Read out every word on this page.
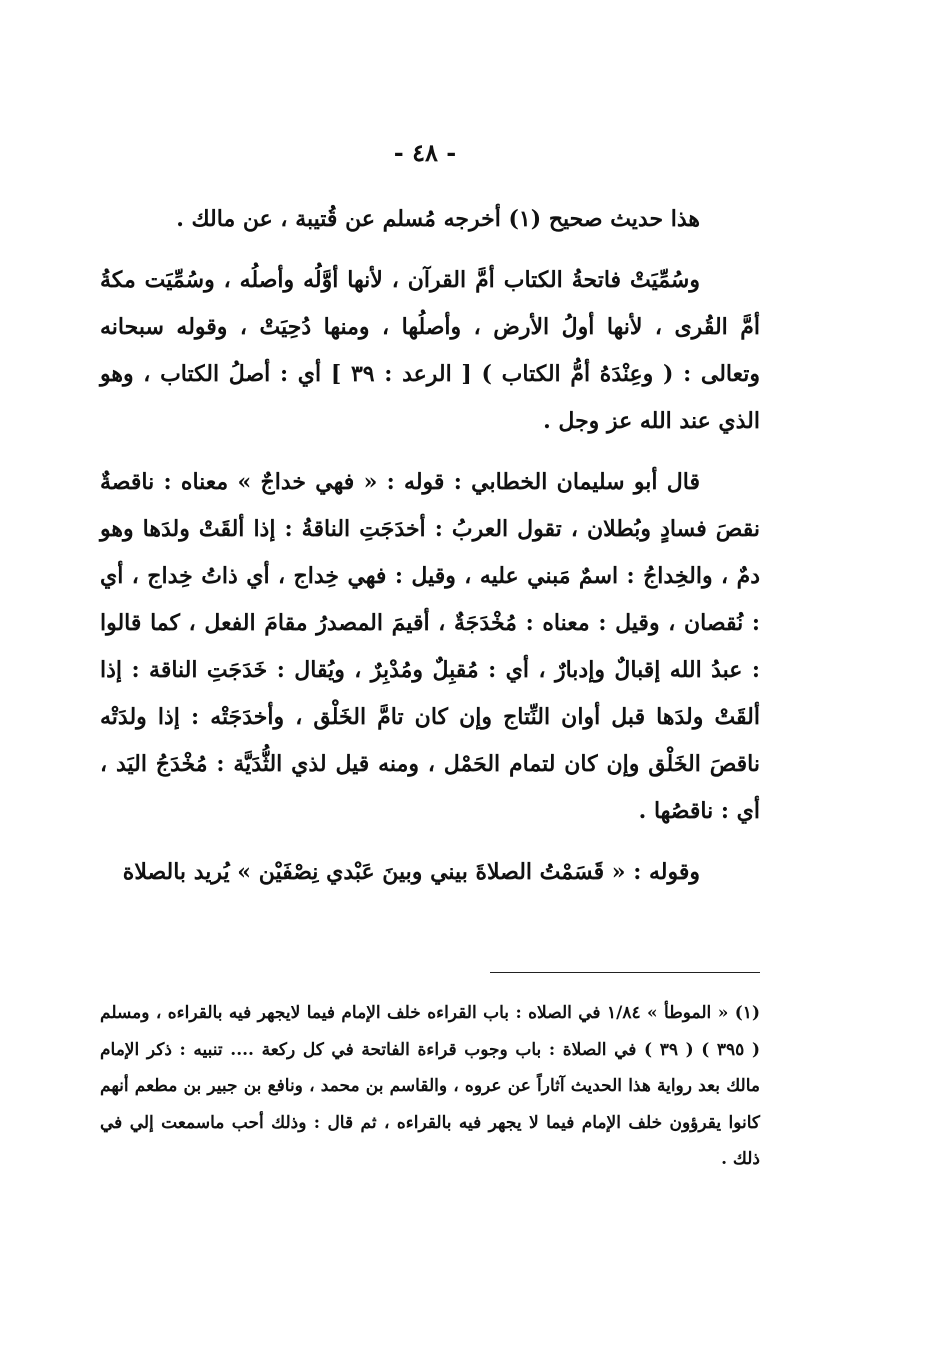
- ٤٨ -

هذا حديث صحيح (١) أخرجه مُسلم عن قُتيبة ، عن مالك .

وسُمِّيَتْ فاتحةُ الكتاب أمَّ القرآن ، لأنها أوَّلُه وأصلُه ، وسُمِّيَت مكةُ أمَّ القُرى ، لأنها أولُ الأرض ، وأصلُها ، ومنها دُحِيَتْ ، وقوله سبحانه وتعالى : ( وعِنْدَهُ أمُّ الكتاب ) [ الرعد : ٣٩ ] أي : أصلُ الكتاب ، وهو الذي عند الله عز وجل .

قال أبو سليمان الخطابي : قوله : « فهي خداجٌ » معناه : ناقصةٌ نقصَ فسادٍ وبُطلان ، تقول العربُ : أخدَجَتِ الناقةُ : إذا ألقَتْ ولدَها وهو دمٌ ، والخِداجُ : اسمٌ مَبني عليه ، وقيل : فهي خِداج ، أي ذاتُ خِداج ، أي : نُقصان ، وقيل : معناه : مُخْدَجَةٌ ، أقيمَ المصدرُ مقامَ الفعل ، كما قالوا : عبدُ الله إقبالٌ وإدبارٌ ، أي : مُقبِلٌ ومُدْبِرٌ ، ويُقال : خَدَجَتِ الناقة : إذا ألقَتْ ولدَها قبل أوان النِّتاج وإن كان تامَّ الخَلْق ، وأخدَجَتْه : إذا ولدَتْه ناقصَ الخَلْق وإن كان لتمام الحَمْل ، ومنه قيل لذي الثُّدَيَّة : مُخْدَجُ اليَد ، أي : ناقصُها .

وقوله : « قَسَمْتُ الصلاةَ بيني وبينَ عَبْدي نِصْفَيْن » يُريد بالصلاة

(١) « الموطأ » ١/٨٤ في الصلاه : باب القراءه خلف الإمام فيما لايجهر فيه بالقراءه ، ومسلم ( ٣٩٥ ) ( ٣٩ ) في الصلاة : باب وجوب قراءة الفاتحة في كل ركعة .... تنبيه : ذكر الإمام مالك بعد رواية هذا الحديث آثاراً عن عروه ، والقاسم بن محمد ، ونافع بن جبير بن مطعم أنهم كانوا يقرؤون خلف الإمام فيما لا يجهر فيه بالقراءه ، ثم قال : وذلك أحب ماسمعت إلي في ذلك .
